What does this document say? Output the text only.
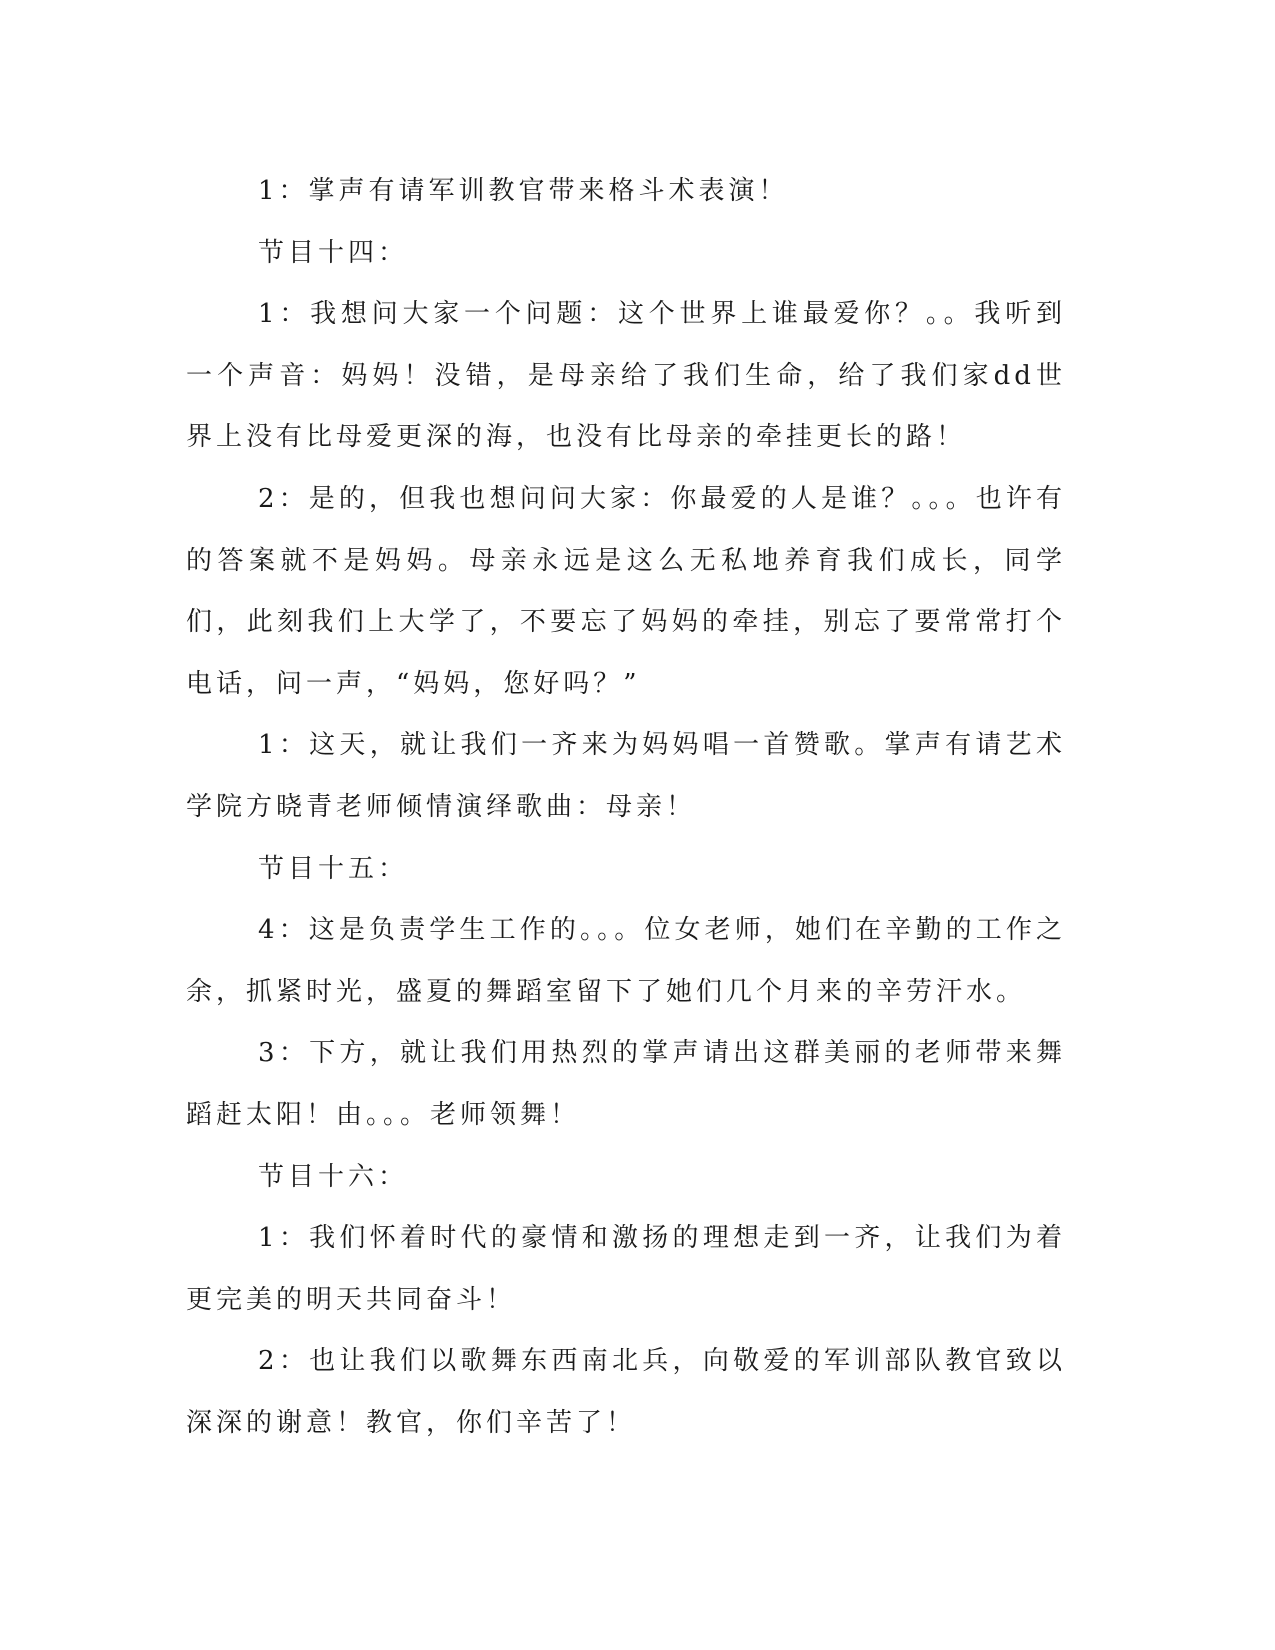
1：掌声有请军训教官带来格斗术表演！

节目十四：

1：我想问大家一个问题：这个世界上谁最爱你？。。我听到一个声音：妈妈！没错，是母亲给了我们生命，给了我们家dd世界上没有比母爱更深的海，也没有比母亲的牵挂更长的路！

2：是的，但我也想问问大家：你最爱的人是谁？。。。也许有的答案就不是妈妈。母亲永远是这么无私地养育我们成长，同学们，此刻我们上大学了，不要忘了妈妈的牵挂，别忘了要常常打个电话，问一声，“妈妈，您好吗？”

1：这天，就让我们一齐来为妈妈唱一首赞歌。掌声有请艺术学院方晓青老师倾情演绎歌曲：母亲！

节目十五：

4：这是负责学生工作的。。。位女老师，她们在辛勤的工作之余，抓紧时光，盛夏的舞蹈室留下了她们几个月来的辛劳汗水。

3：下方，就让我们用热烈的掌声请出这群美丽的老师带来舞蹈赶太阳！由。。。老师领舞！

节目十六：

1：我们怀着时代的豪情和激扬的理想走到一齐，让我们为着更完美的明天共同奋斗！

2：也让我们以歌舞东西南北兵，向敬爱的军训部队教官致以深深的谢意！教官，你们辛苦了！
